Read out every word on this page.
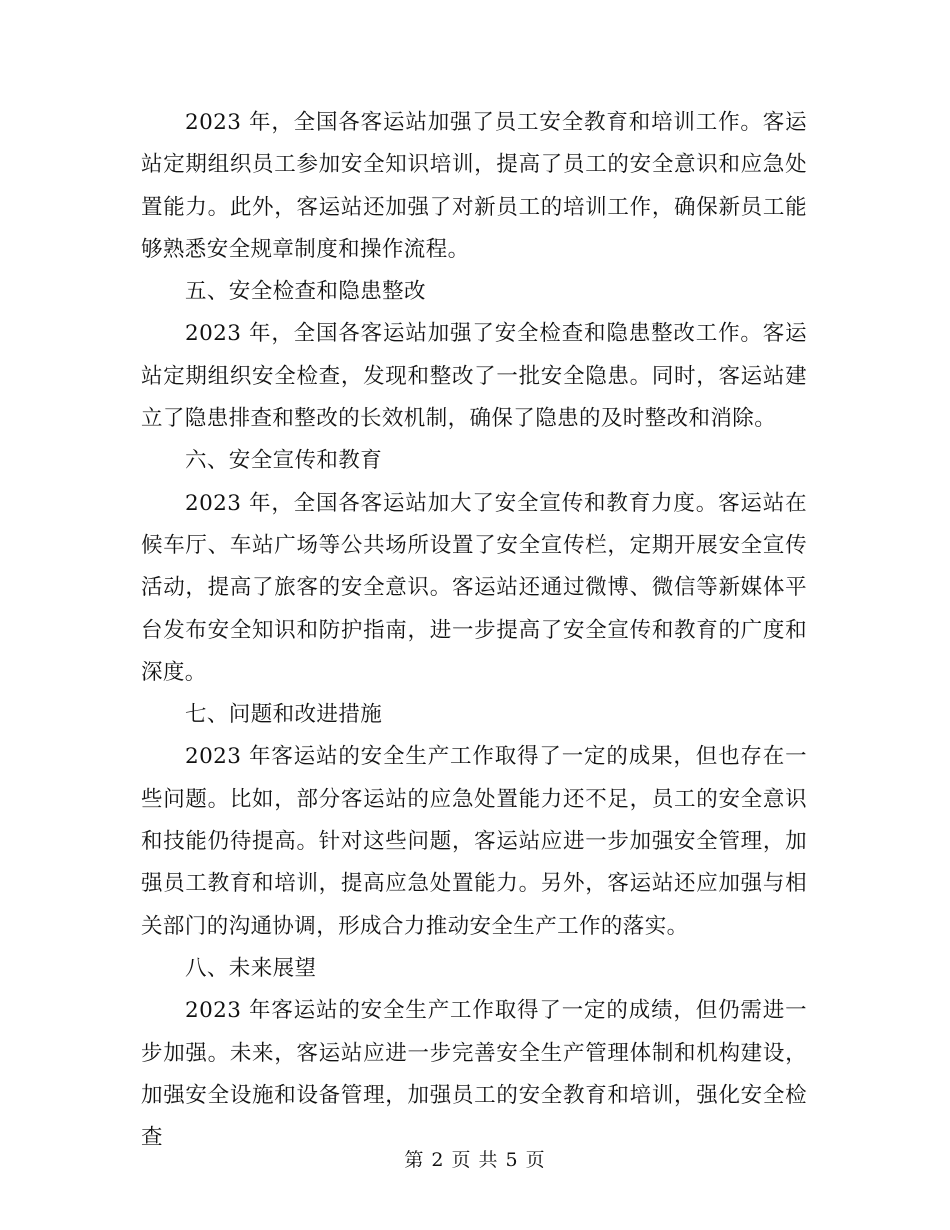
2023 年，全国各客运站加强了员工安全教育和培训工作。客运站定期组织员工参加安全知识培训，提高了员工的安全意识和应急处置能力。此外，客运站还加强了对新员工的培训工作，确保新员工能够熟悉安全规章制度和操作流程。

五、安全检查和隐患整改

2023 年，全国各客运站加强了安全检查和隐患整改工作。客运站定期组织安全检查，发现和整改了一批安全隐患。同时，客运站建立了隐患排查和整改的长效机制，确保了隐患的及时整改和消除。

六、安全宣传和教育

2023 年，全国各客运站加大了安全宣传和教育力度。客运站在候车厅、车站广场等公共场所设置了安全宣传栏，定期开展安全宣传活动，提高了旅客的安全意识。客运站还通过微博、微信等新媒体平台发布安全知识和防护指南，进一步提高了安全宣传和教育的广度和深度。

七、问题和改进措施

2023 年客运站的安全生产工作取得了一定的成果，但也存在一些问题。比如，部分客运站的应急处置能力还不足，员工的安全意识和技能仍待提高。针对这些问题，客运站应进一步加强安全管理，加强员工教育和培训，提高应急处置能力。另外，客运站还应加强与相关部门的沟通协调，形成合力推动安全生产工作的落实。

八、未来展望

2023 年客运站的安全生产工作取得了一定的成绩，但仍需进一步加强。未来，客运站应进一步完善安全生产管理体制和机构建设，加强安全设施和设备管理，加强员工的安全教育和培训，强化安全检查

第 2 页 共 5 页
